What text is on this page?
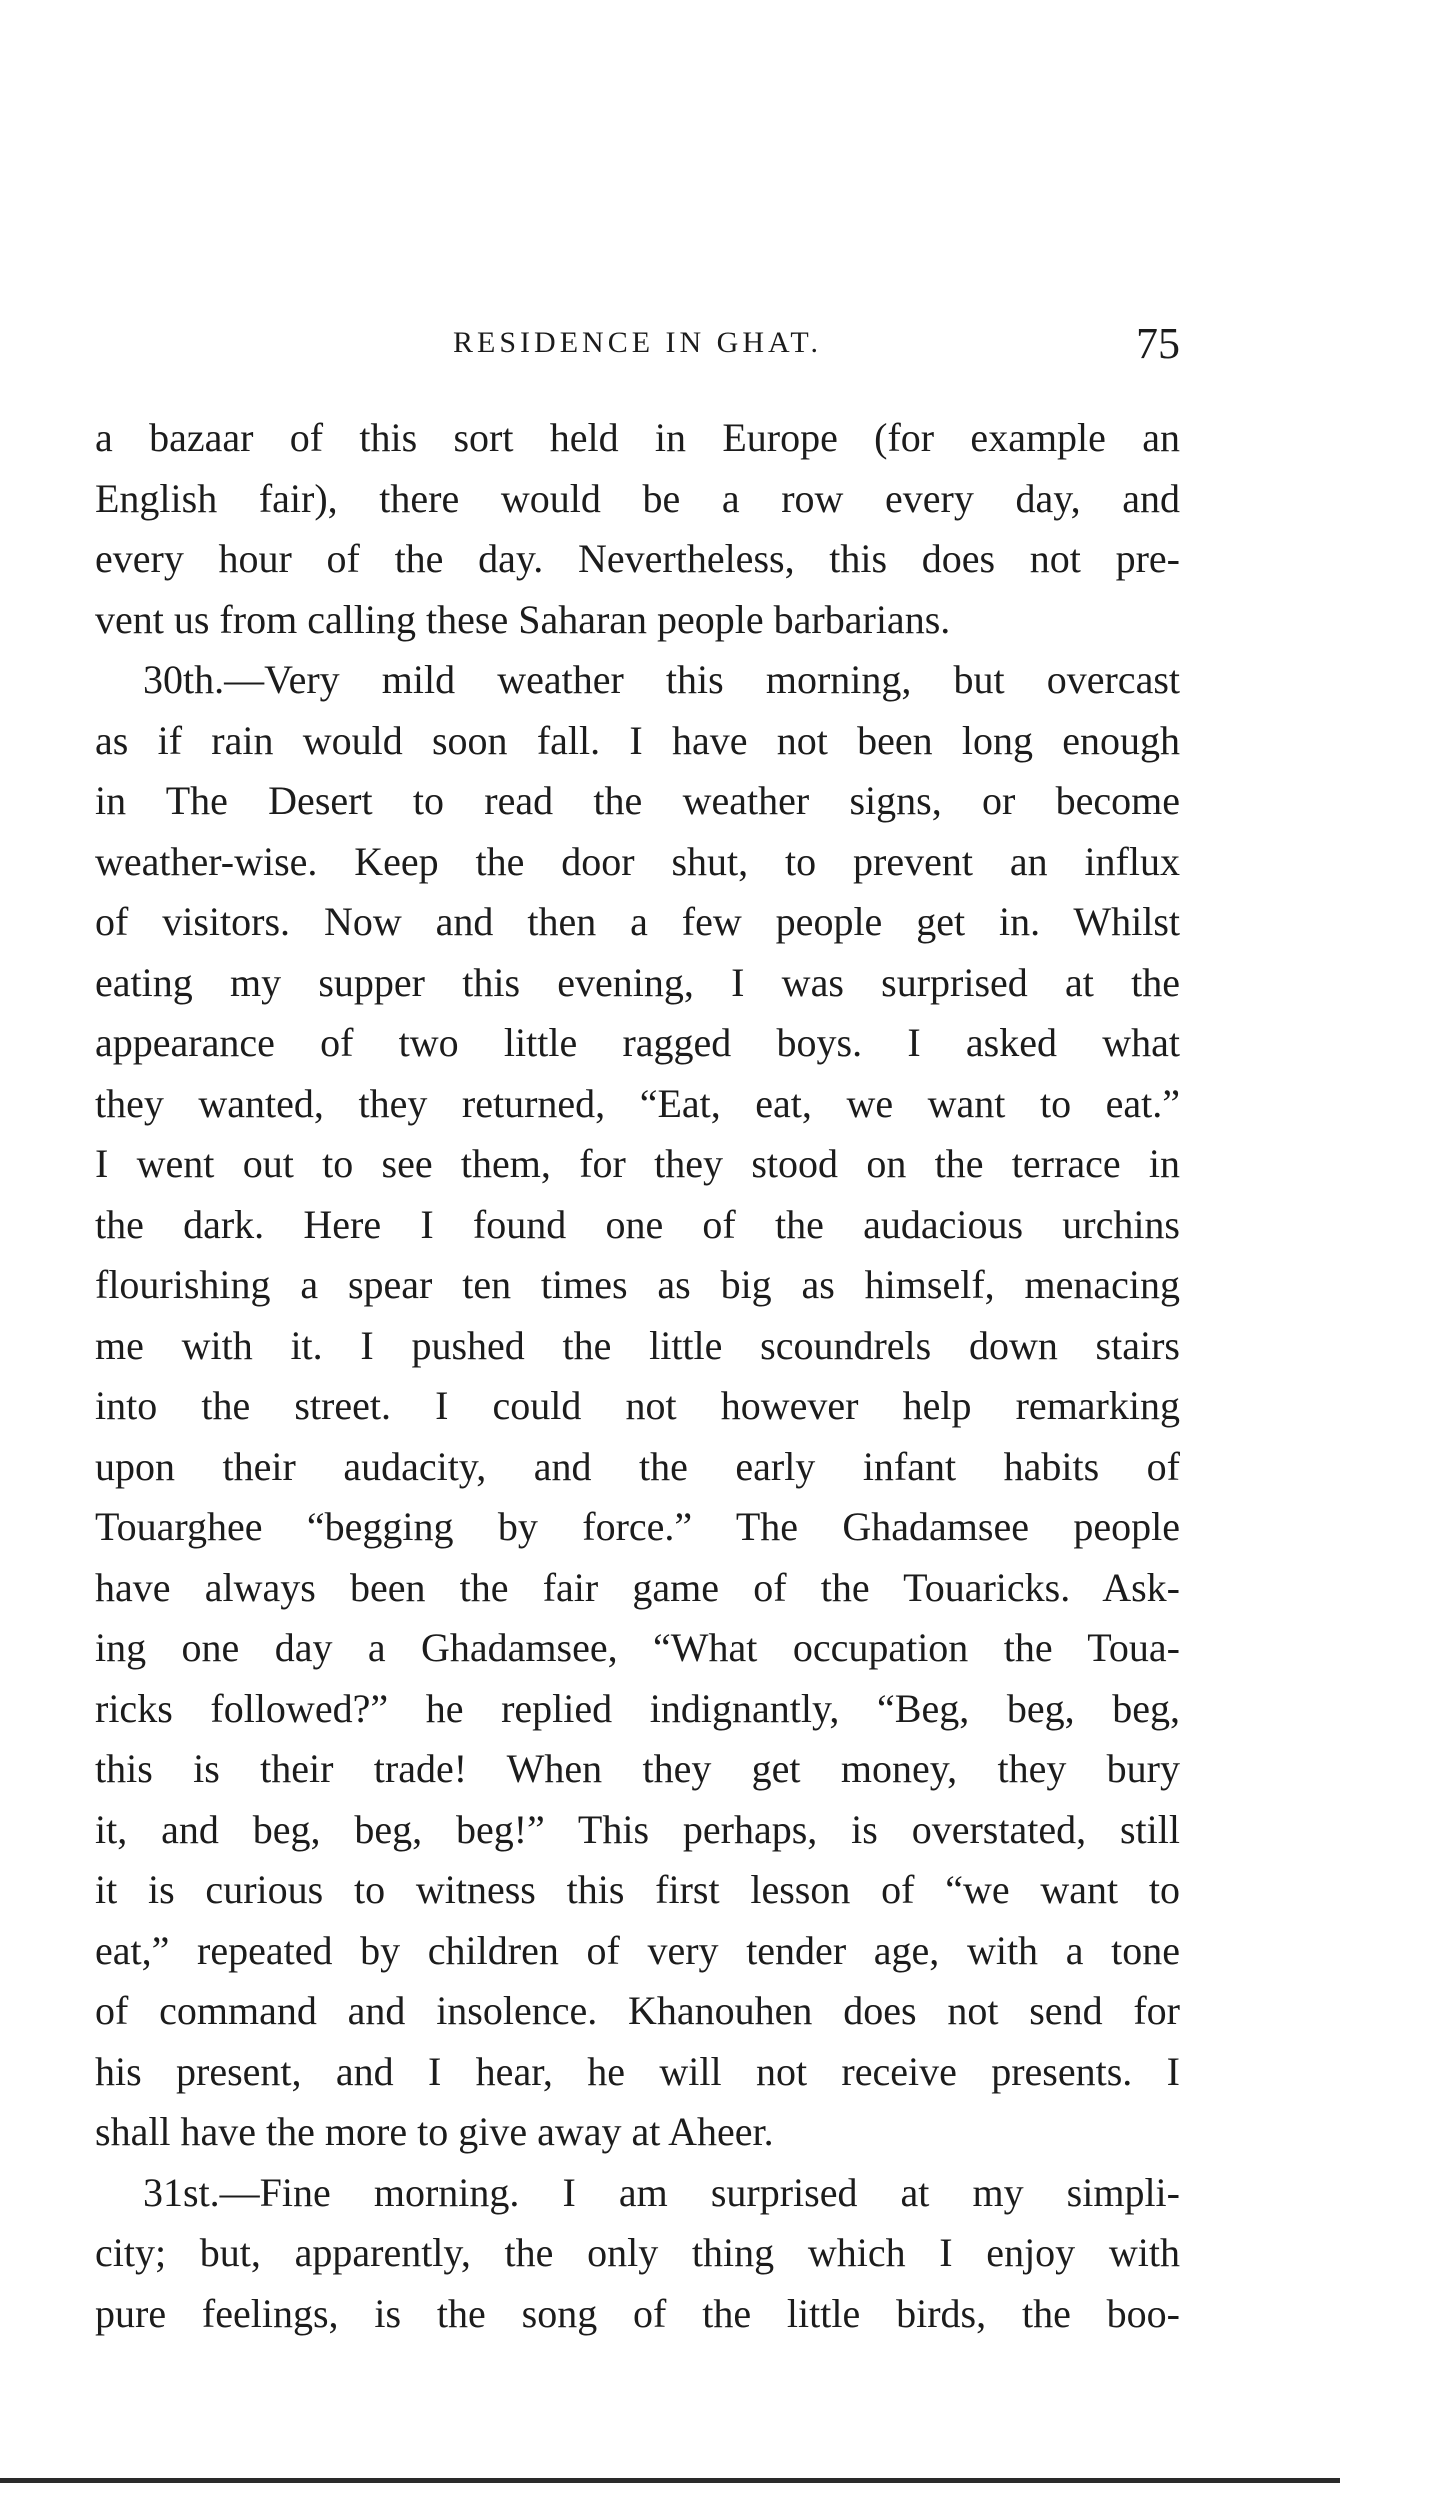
RESIDENCE IN GHAT.	75
a bazaar of this sort held in Europe (for example an
English fair), there would be a row every day, and
every hour of the day. Nevertheless, this does not pre-
vent us from calling these Saharan people barbarians.
30th.—Very mild weather this morning, but overcast
as if rain would soon fall. I have not been long enough
in The Desert to read the weather signs, or become
weather-wise. Keep the door shut, to prevent an influx
of visitors. Now and then a few people get in. Whilst
eating my supper this evening, I was surprised at the
appearance of two little ragged boys. I asked what
they wanted, they returned, “Eat, eat, we want to eat.”
I went out to see them, for they stood on the terrace in
the dark. Here I found one of the audacious urchins
flourishing a spear ten times as big as himself, menacing
me with it. I pushed the little scoundrels down stairs
into the street. I could not however help remarking
upon their audacity, and the early infant habits of
Touarghee “begging by force.” The Ghadamsee people
have always been the fair game of the Touaricks. Ask-
ing one day a Ghadamsee, “What occupation the Toua-
ricks followed?” he replied indignantly, “Beg, beg, beg,
this is their trade! When they get money, they bury
it, and beg, beg, beg!” This perhaps, is overstated, still
it is curious to witness this first lesson of “we want to
eat,” repeated by children of very tender age, with a tone
of command and insolence. Khanouhen does not send for
his present, and I hear, he will not receive presents. I
shall have the more to give away at Aheer.
31st.—Fine morning. I am surprised at my simpli-
city; but, apparently, the only thing which I enjoy with
pure feelings, is the song of the little birds, the boo-
